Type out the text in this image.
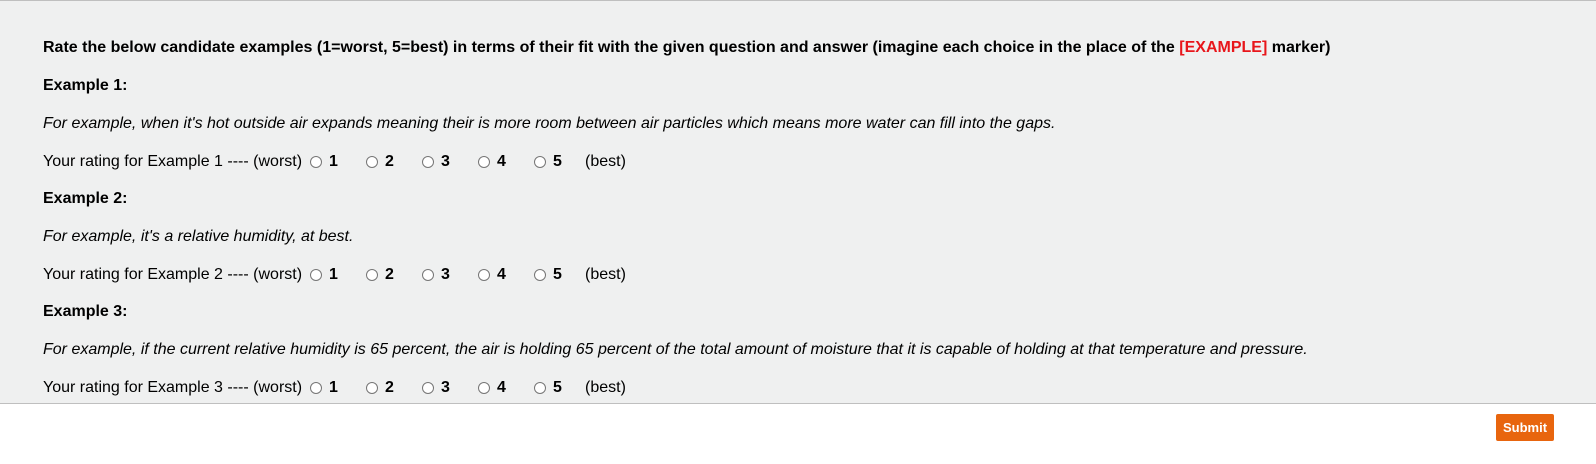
Rate the below candidate examples (1=worst, 5=best) in terms of their fit with the given question and answer (imagine each choice in the place of the [EXAMPLE] marker)
Example 1:
For example, when it's hot outside air expands meaning their is more room between air particles which means more water can fill into the gaps.
Your rating for Example 1 ---- (worst) 1	2	3	4	5 (best)
Example 2:
For example, it's a relative humidity, at best.
Your rating for Example 2 ---- (worst) 1	2	3	4	5 (best)
Example 3:
For example, if the current relative humidity is 65 percent, the air is holding 65 percent of the total amount of moisture that it is capable of holding at that temperature and pressure.
Your rating for Example 3 ---- (worst) 1	2	3	4	5 (best)
Submit
